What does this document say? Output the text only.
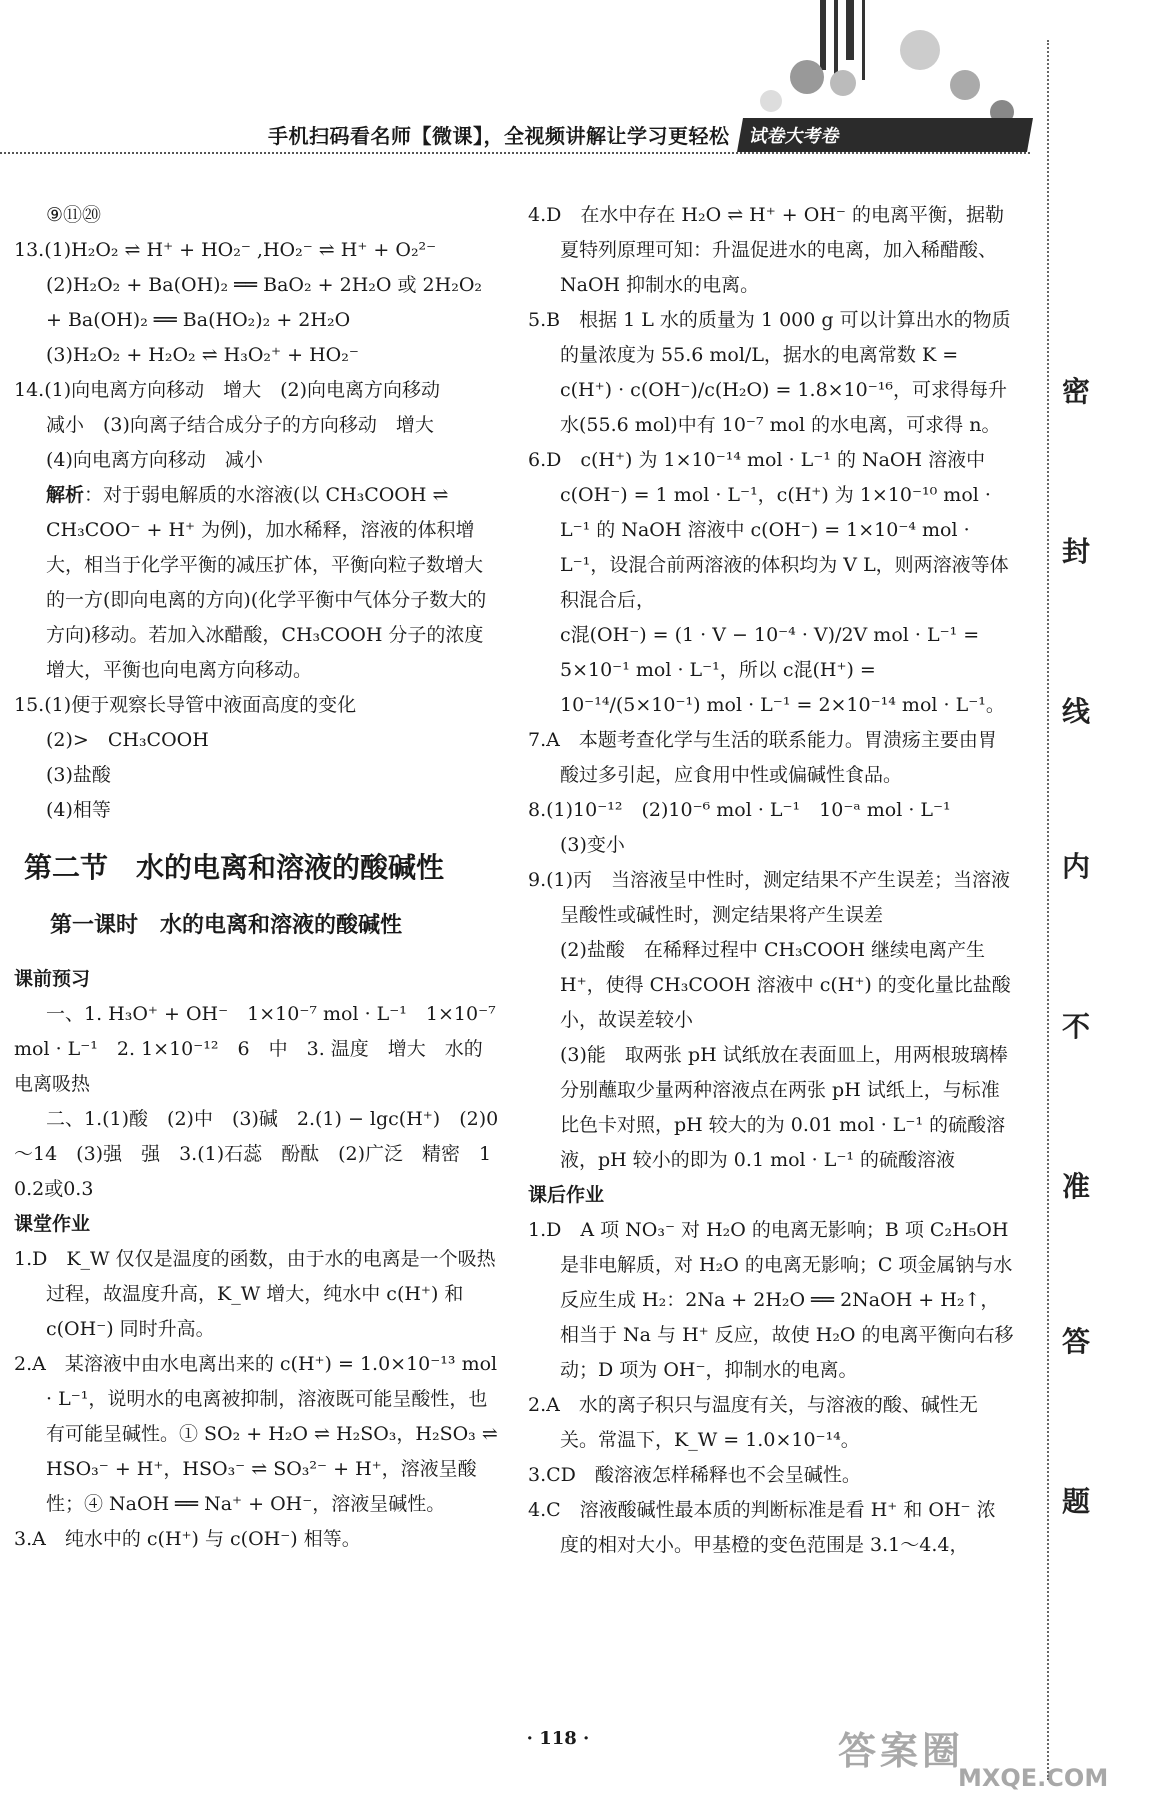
手机扫码看名师【微课】，全视频讲解让学习更轻松	试卷大考卷

⑨⑪⑳

13.(1)H₂O₂ ⇌ H⁺ + HO₂⁻ ,HO₂⁻ ⇌ H⁺ + O₂²⁻

(2)H₂O₂ + Ba(OH)₂ ══ BaO₂ + 2H₂O 或 2H₂O₂

+ Ba(OH)₂ ══ Ba(HO₂)₂ + 2H₂O

(3)H₂O₂ + H₂O₂ ⇌ H₃O₂⁺ + HO₂⁻

14.(1)向电离方向移动　增大　(2)向电离方向移动

减小　(3)向离子结合成分子的方向移动　增大

(4)向电离方向移动　减小

解析：对于弱电解质的水溶液(以 CH₃COOH ⇌ CH₃COO⁻ + H⁺ 为例)，加水稀释，溶液的体积增大，相当于化学平衡的减压扩体，平衡向粒子数增大的一方(即向电离的方向)(化学平衡中气体分子数大的方向)移动。若加入冰醋酸，CH₃COOH 分子的浓度增大，平衡也向电离方向移动。

15.(1)便于观察长导管中液面高度的变化

(2)>　CH₃COOH

(3)盐酸

(4)相等

第二节　水的电离和溶液的酸碱性

第一课时　水的电离和溶液的酸碱性

课前预习

一、1. H₃O⁺ + OH⁻　1×10⁻⁷ mol · L⁻¹　1×10⁻⁷ mol · L⁻¹　2. 1×10⁻¹²　6　中　3. 温度　增大　水的电离吸热

二、1.(1)酸　(2)中　(3)碱　2.(1) − lgc(H⁺)　(2)0～14　(3)强　强　3.(1)石蕊　酚酞　(2)广泛　精密　1　0.2或0.3

课堂作业

1.D　K_W 仅仅是温度的函数，由于水的电离是一个吸热过程，故温度升高，K_W 增大，纯水中 c(H⁺) 和 c(OH⁻) 同时升高。

2.A　某溶液中由水电离出来的 c(H⁺) = 1.0×10⁻¹³ mol · L⁻¹，说明水的电离被抑制，溶液既可能呈酸性，也有可能呈碱性。① SO₂ + H₂O ⇌ H₂SO₃，H₂SO₃ ⇌ HSO₃⁻ + H⁺，HSO₃⁻ ⇌ SO₃²⁻ + H⁺，溶液呈酸性；④ NaOH ══ Na⁺ + OH⁻，溶液呈碱性。

3.A　纯水中的 c(H⁺) 与 c(OH⁻) 相等。

4.D　在水中存在 H₂O ⇌ H⁺ + OH⁻ 的电离平衡，据勒夏特列原理可知：升温促进水的电离，加入稀醋酸、NaOH 抑制水的电离。

5.B　根据 1 L 水的质量为 1 000 g 可以计算出水的物质的量浓度为 55.6 mol/L，据水的电离常数 K = c(H⁺) · c(OH⁻)/c(H₂O) = 1.8×10⁻¹⁶，可求得每升水(55.6 mol)中有 10⁻⁷ mol 的水电离，可求得 n。

6.D　c(H⁺) 为 1×10⁻¹⁴ mol · L⁻¹ 的 NaOH 溶液中 c(OH⁻) = 1 mol · L⁻¹，c(H⁺) 为 1×10⁻¹⁰ mol · L⁻¹ 的 NaOH 溶液中 c(OH⁻) = 1×10⁻⁴ mol · L⁻¹，设混合前两溶液的体积均为 V L，则两溶液等体积混合后，

c混(OH⁻) = (1 · V − 10⁻⁴ · V)/2V mol · L⁻¹ = 5×10⁻¹ mol · L⁻¹，所以 c混(H⁺) = 10⁻¹⁴/(5×10⁻¹) mol · L⁻¹ = 2×10⁻¹⁴ mol · L⁻¹。

7.A　本题考查化学与生活的联系能力。胃溃疡主要由胃酸过多引起，应食用中性或偏碱性食品。

8.(1)10⁻¹²　(2)10⁻⁶ mol · L⁻¹　10⁻ᵃ mol · L⁻¹

(3)变小

9.(1)丙　当溶液呈中性时，测定结果不产生误差；当溶液呈酸性或碱性时，测定结果将产生误差

(2)盐酸　在稀释过程中 CH₃COOH 继续电离产生 H⁺，使得 CH₃COOH 溶液中 c(H⁺) 的变化量比盐酸小，故误差较小

(3)能　取两张 pH 试纸放在表面皿上，用两根玻璃棒分别蘸取少量两种溶液点在两张 pH 试纸上，与标准比色卡对照，pH 较大的为 0.01 mol · L⁻¹ 的硫酸溶液，pH 较小的即为 0.1 mol · L⁻¹ 的硫酸溶液

课后作业

1.D　A 项 NO₃⁻ 对 H₂O 的电离无影响；B 项 C₂H₅OH 是非电解质，对 H₂O 的电离无影响；C 项金属钠与水反应生成 H₂：2Na + 2H₂O ══ 2NaOH + H₂↑，相当于 Na 与 H⁺ 反应，故使 H₂O 的电离平衡向右移动；D 项为 OH⁻，抑制水的电离。

2.A　水的离子积只与温度有关，与溶液的酸、碱性无关。常温下，K_W = 1.0×10⁻¹⁴。

3.CD　酸溶液怎样稀释也不会呈碱性。

4.C　溶液酸碱性最本质的判断标准是看 H⁺ 和 OH⁻ 浓度的相对大小。甲基橙的变色范围是 3.1～4.4，

密
封
线
内
不
准
答
题
· 118 ·	答案圈
MXQE.COM
